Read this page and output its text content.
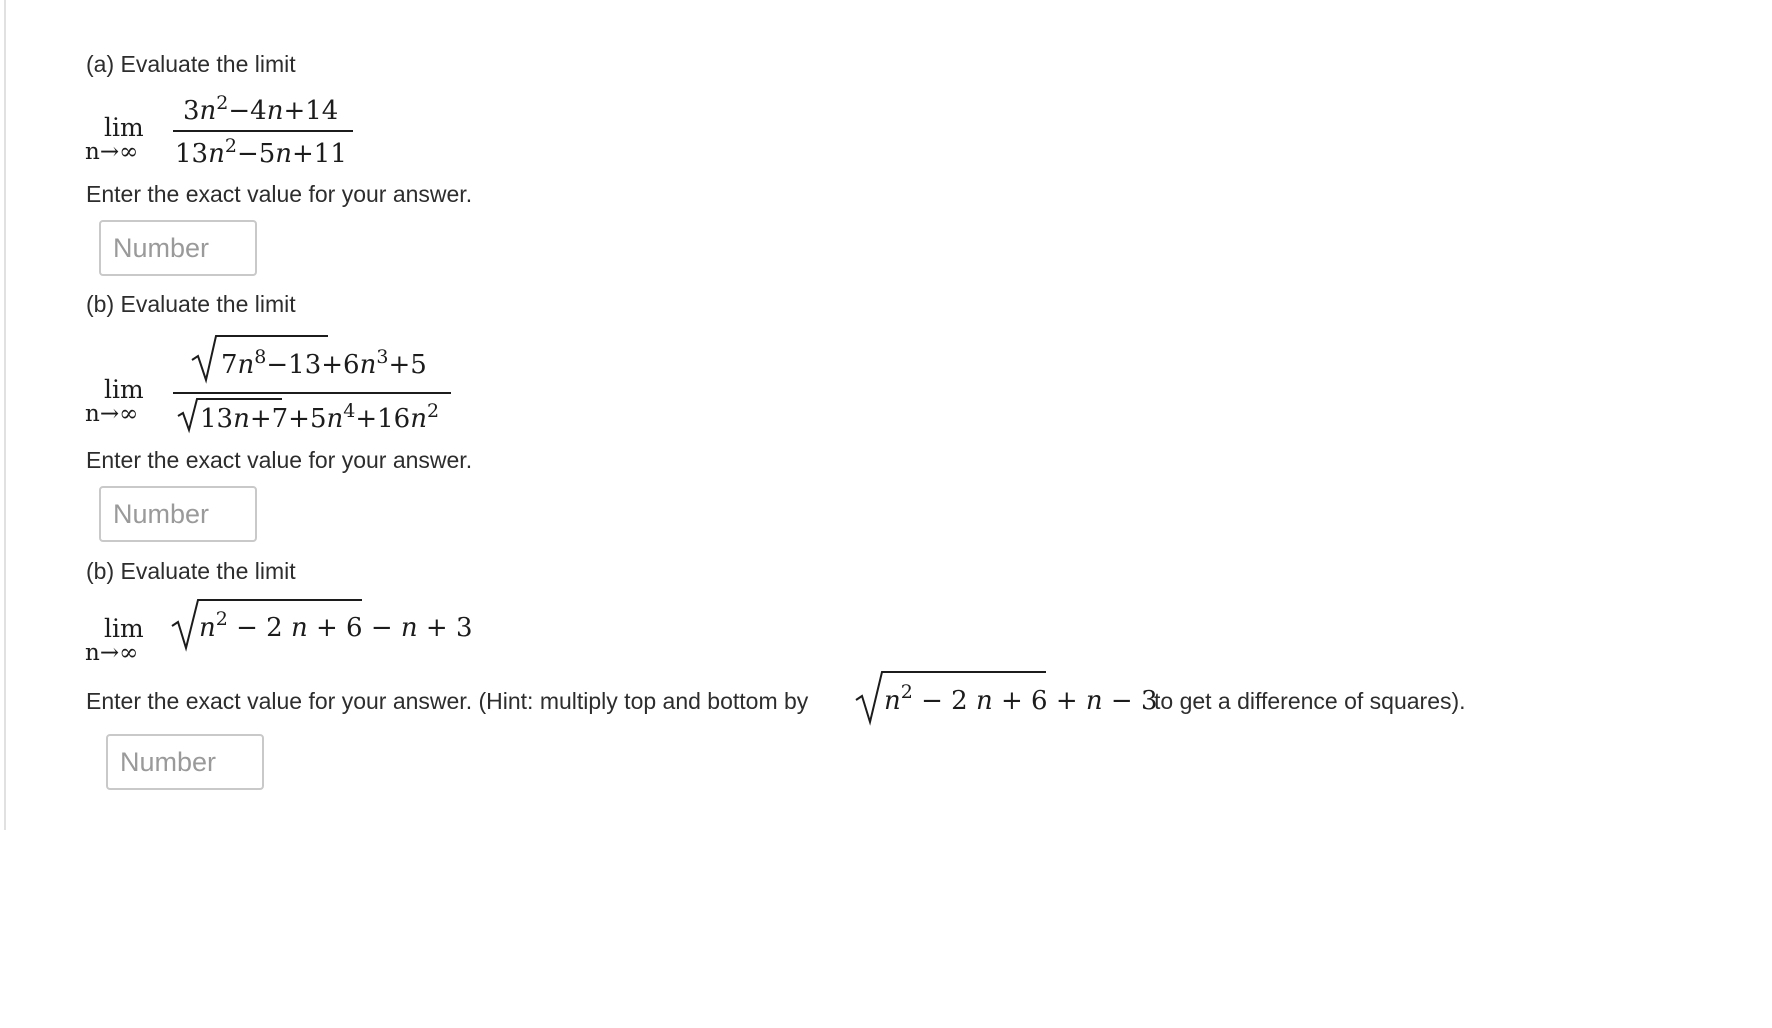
(a) Evaluate the limit
lim
n→∞
$3n^2-4n+14$
$13n^2-5n+11$
Enter the exact value for your answer.
Number
(b) Evaluate the limit
lim
n→∞
$7n^8-13+6n^3+5$
$13n+7+5n^4+16n^2$
Enter the exact value for your answer.
Number
(b) Evaluate the limit
lim
n→∞
$n^2 - 2$ n + 6 − n + 3
Enter the exact value for your answer. (Hint: multiply top and bottom by	$n^2 - 2$ n + 6 + n − 3
to get a difference of squares).
Number
